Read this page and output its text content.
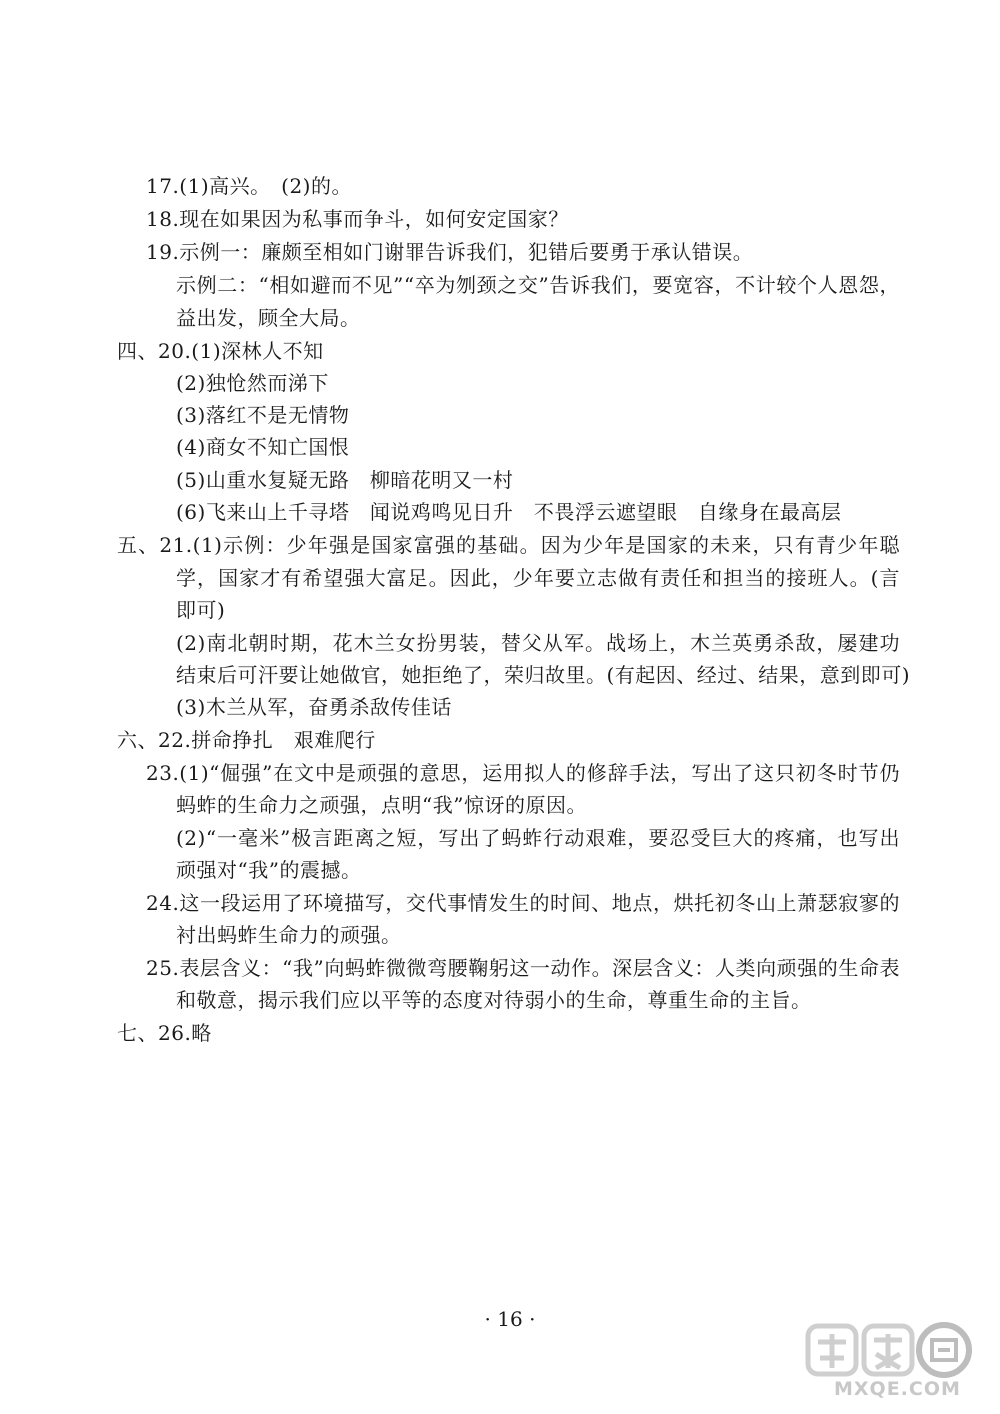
17.(1)高兴。　(2)的。
18.现在如果因为私事而争斗，如何安定国家？
19.示例一：廉颇至相如门谢罪告诉我们，犯错后要勇于承认错误。
示例二：“相如避而不见”“卒为刎颈之交”告诉我们，要宽容，不计较个人恩怨，
益出发，顾全大局。
四、20.(1)深林人不知
(2)独怆然而涕下
(3)落红不是无情物
(4)商女不知亡国恨
(5)山重水复疑无路　柳暗花明又一村
(6)飞来山上千寻塔　闻说鸡鸣见日升　不畏浮云遮望眼　自缘身在最高层
五、21.(1)示例：少年强是国家富强的基础。因为少年是国家的未来，只有青少年聪
学，国家才有希望强大富足。因此，少年要立志做有责任和担当的接班人。(言
即可)
(2)南北朝时期，花木兰女扮男装，替父从军。战场上，木兰英勇杀敌，屡建功
结束后可汗要让她做官，她拒绝了，荣归故里。(有起因、经过、结果，意到即可)
(3)木兰从军，奋勇杀敌传佳话
六、22.拼命挣扎　艰难爬行
23.(1)“倔强”在文中是顽强的意思，运用拟人的修辞手法，写出了这只初冬时节仍
蚂蚱的生命力之顽强，点明“我”惊讶的原因。
(2)“一毫米”极言距离之短，写出了蚂蚱行动艰难，要忍受巨大的疼痛，也写出
顽强对“我”的震撼。
24.这一段运用了环境描写，交代事情发生的时间、地点，烘托初冬山上萧瑟寂寥的
衬出蚂蚱生命力的顽强。
25.表层含义：“我”向蚂蚱微微弯腰鞠躬这一动作。深层含义：人类向顽强的生命表
和敬意，揭示我们应以平等的态度对待弱小的生命，尊重生命的主旨。
七、26.略
· 16 ·
MXQE.COM
